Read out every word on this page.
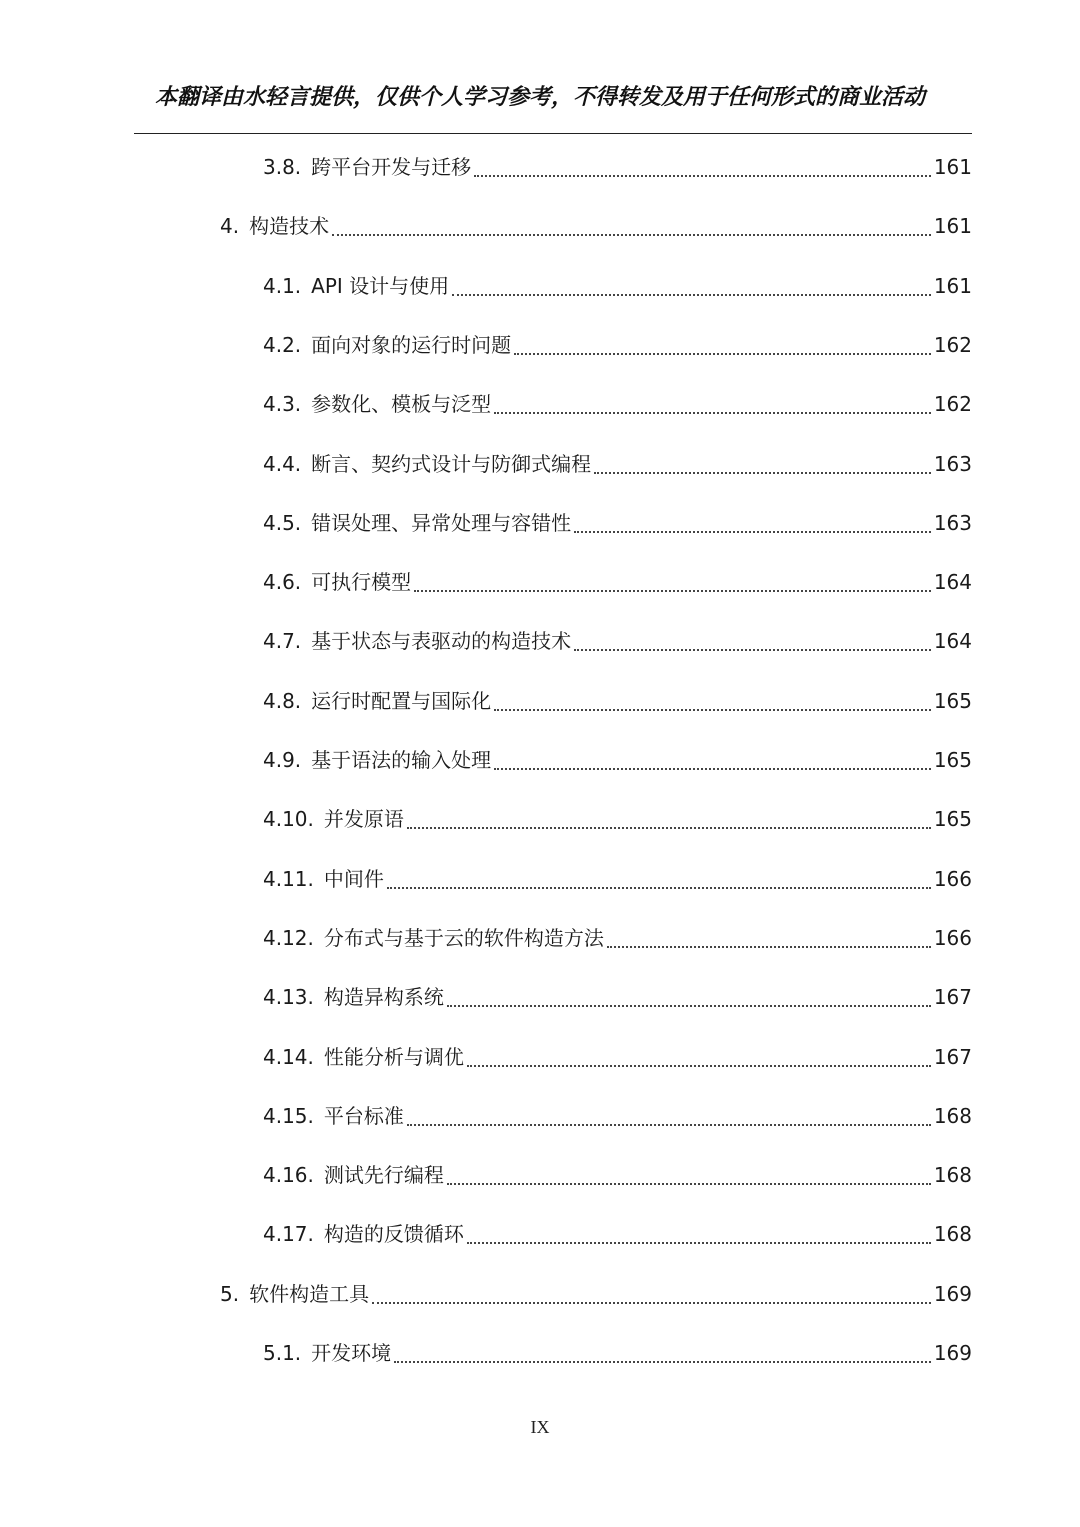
本翻译由水轻言提供，仅供个人学习参考，不得转发及用于任何形式的商业活动
3.8. 跨平台开发与迁移	161
4. 构造技术	161
4.1. API 设计与使用	161
4.2. 面向对象的运行时问题	162
4.3. 参数化、模板与泛型	162
4.4. 断言、契约式设计与防御式编程	163
4.5. 错误处理、异常处理与容错性	163
4.6. 可执行模型	164
4.7. 基于状态与表驱动的构造技术	164
4.8. 运行时配置与国际化	165
4.9. 基于语法的输入处理	165
4.10. 并发原语	165
4.11. 中间件	166
4.12. 分布式与基于云的软件构造方法	166
4.13. 构造异构系统	167
4.14. 性能分析与调优	167
4.15. 平台标准	168
4.16. 测试先行编程	168
4.17. 构造的反馈循环	168
5. 软件构造工具	169
5.1. 开发环境	169
IX
